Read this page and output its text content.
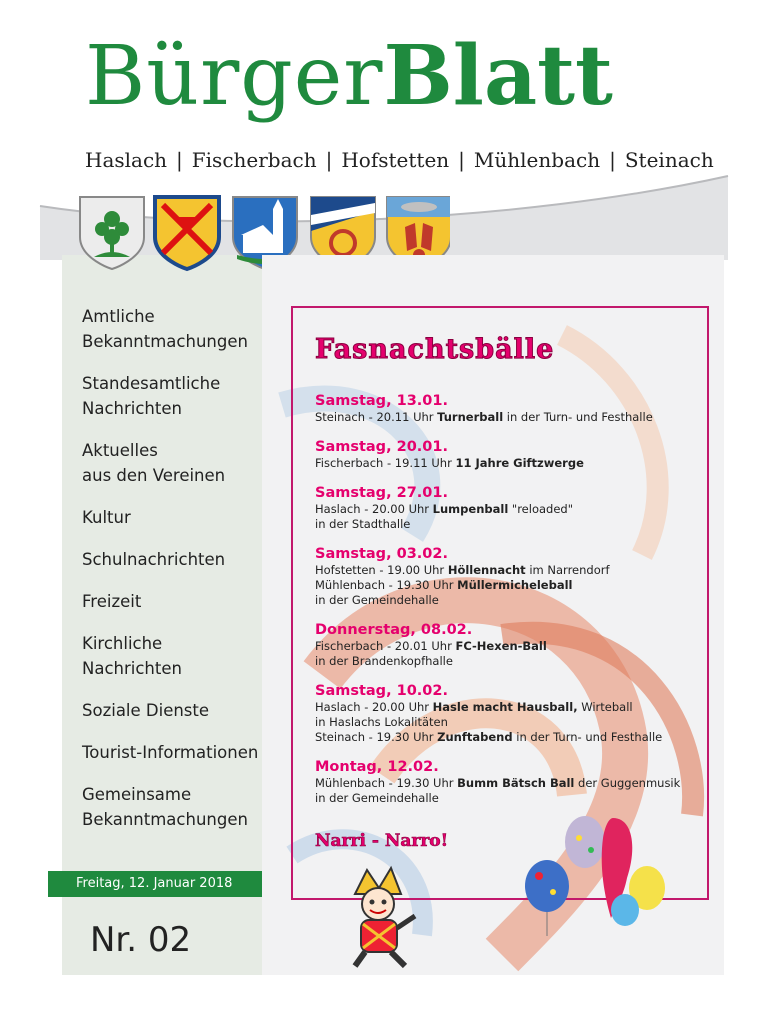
BürgerBlatt
Haslach | Fischerbach | Hofstetten | Mühlenbach | Steinach
Amtliche
Bekanntmachungen
Standesamtliche
Nachrichten
Aktuelles
aus den Vereinen
Kultur
Schulnachrichten
Freizeit
Kirchliche
Nachrichten
Soziale Dienste
Tourist-Informationen
Gemeinsame
Bekanntmachungen
Freitag, 12. Januar 2018
Nr. 02
Fasnachtsbälle
Samstag, 13.01.
Steinach - 20.11 Uhr Turnerball in der Turn- und Festhalle
Samstag, 20.01.
Fischerbach - 19.11 Uhr 11 Jahre Giftzwerge
Samstag, 27.01.
Haslach - 20.00 Uhr Lumpenball "reloaded"
in der Stadthalle
Samstag, 03.02.
Hofstetten - 19.00 Uhr Höllennacht im Narrendorf
Mühlenbach - 19.30 Uhr Müllermicheleball
in der Gemeindehalle
Donnerstag, 08.02.
Fischerbach - 20.01 Uhr FC-Hexen-Ball
in der Brandenkopfhalle
Samstag, 10.02.
Haslach - 20.00 Uhr Hasle macht Hausball, Wirteball
in Haslachs Lokalitäten
Steinach - 19.30 Uhr Zunftabend in der Turn- und Festhalle
Montag, 12.02.
Mühlenbach - 19.30 Uhr Bumm Bätsch Ball der Guggenmusik
in der Gemeindehalle
Narri - Narro!
